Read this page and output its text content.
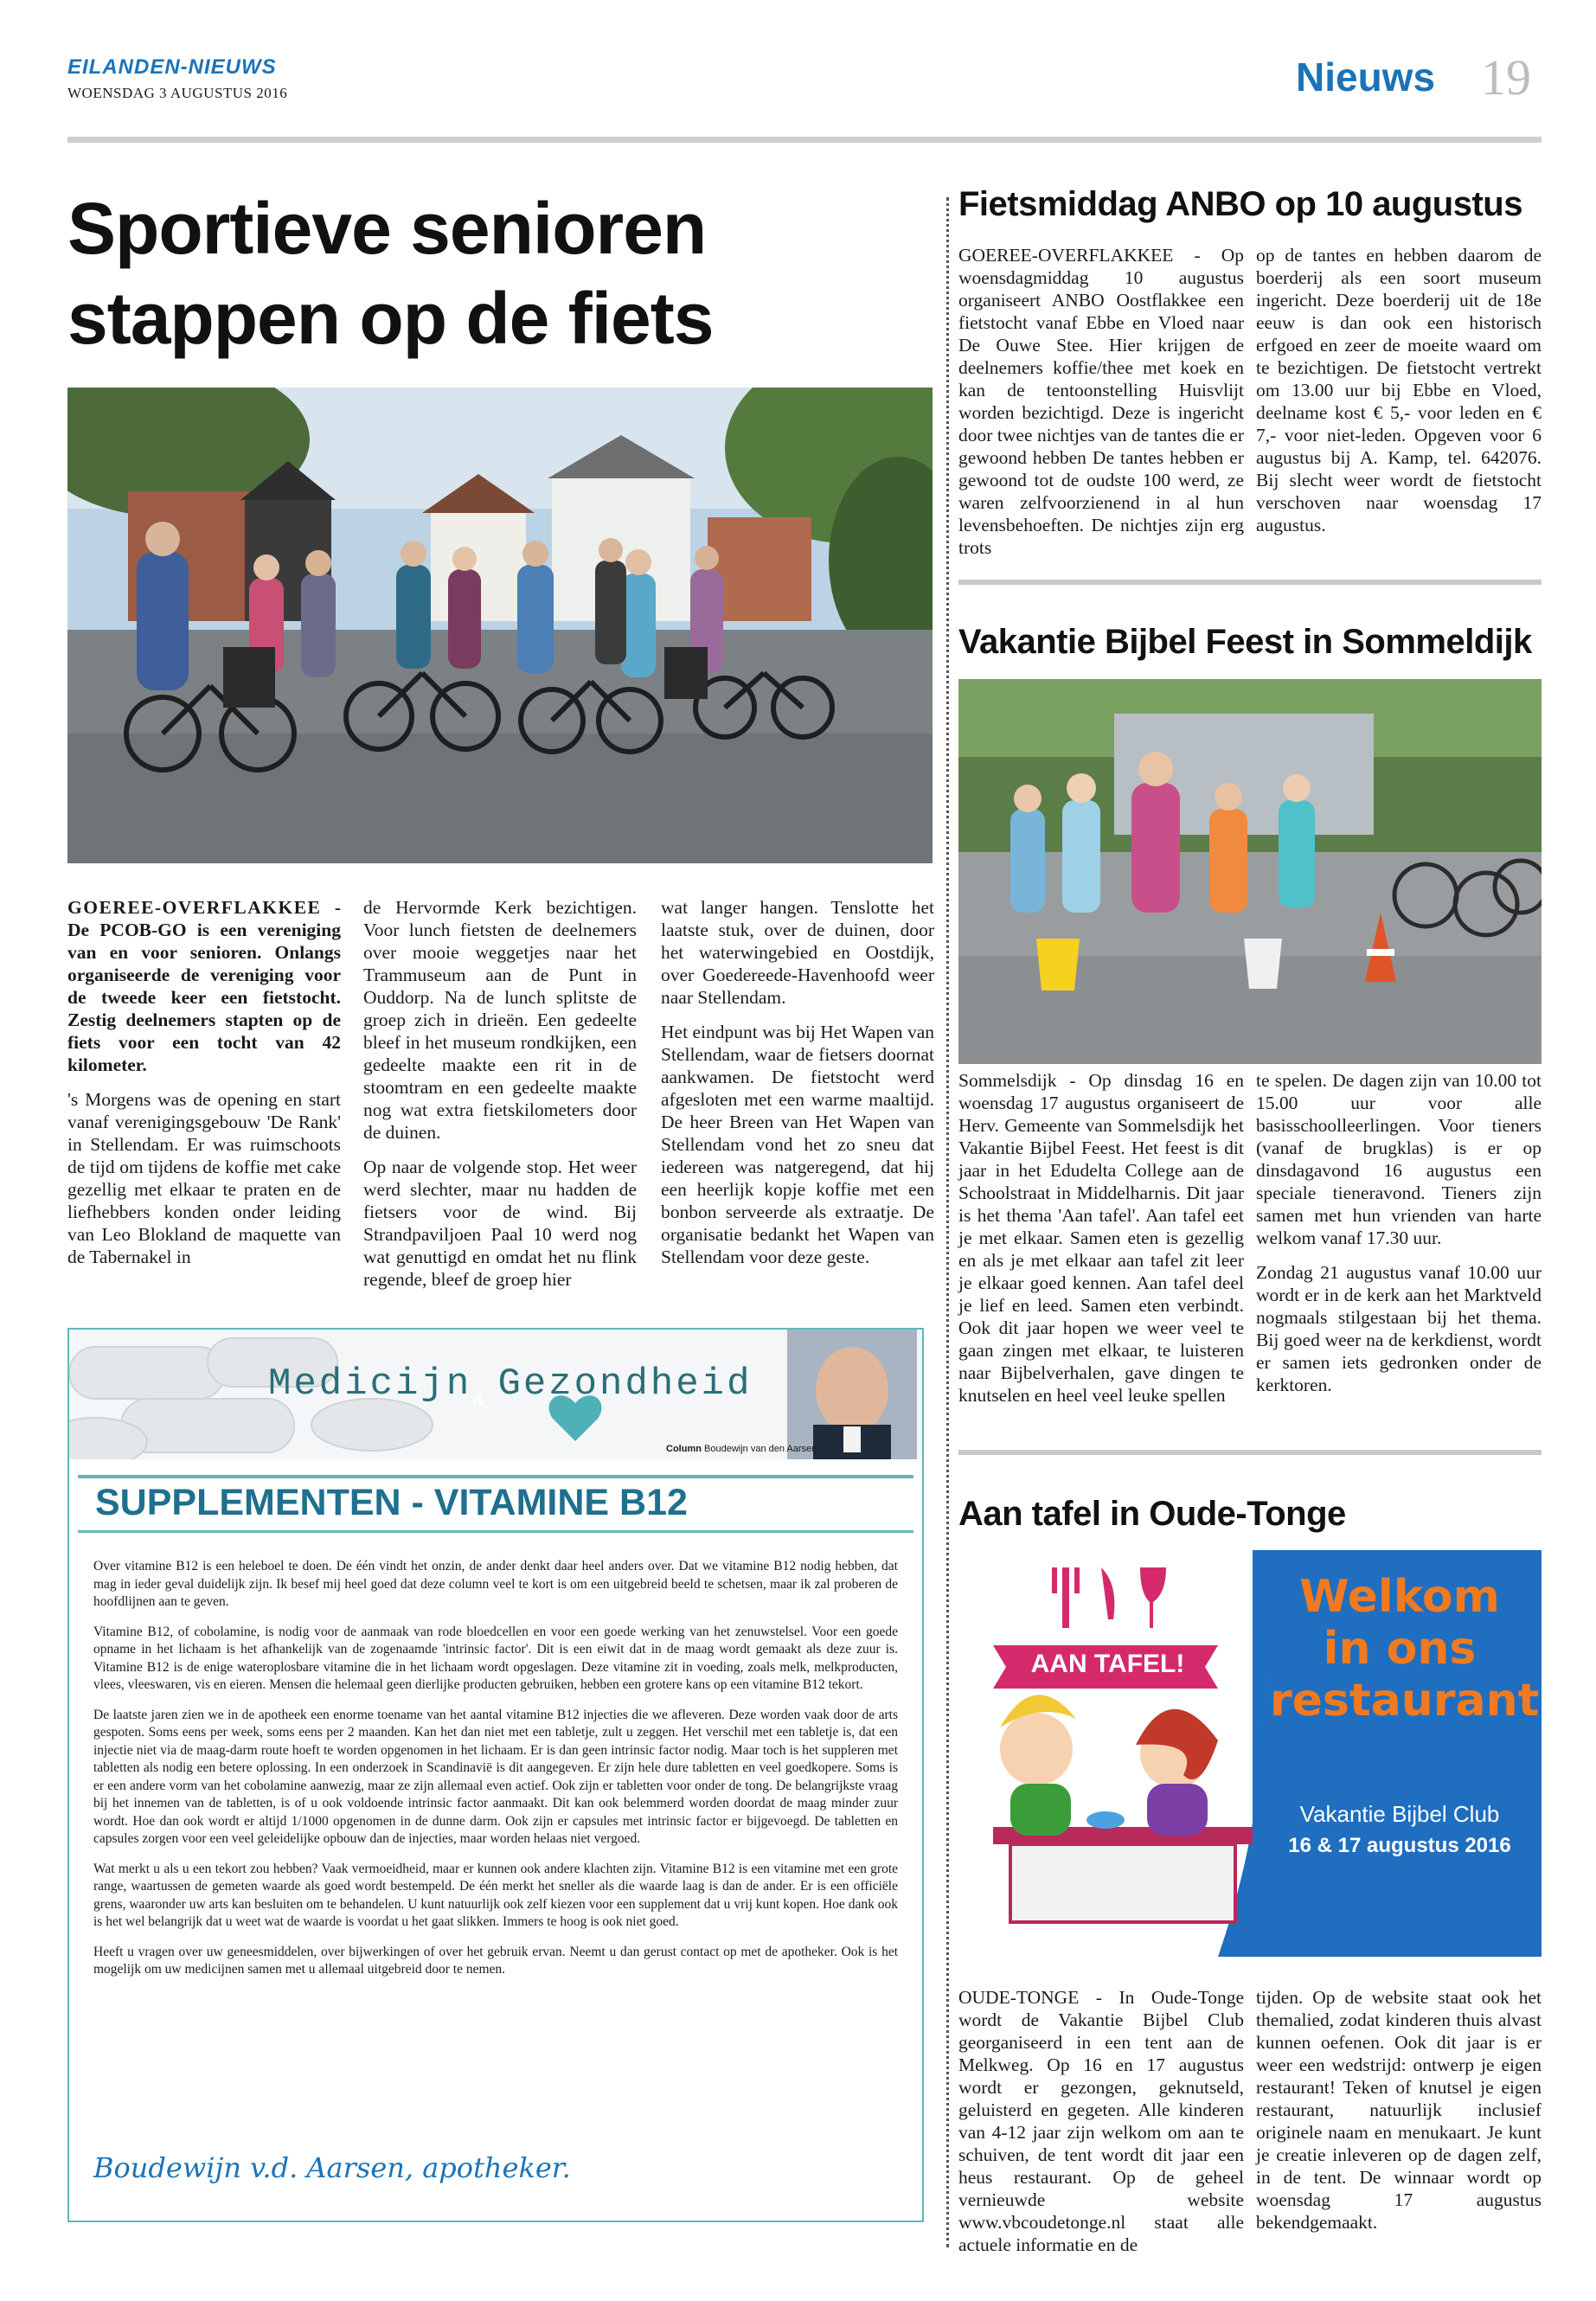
EILANDEN-NIEUWS
WOENSDAG 3 AUGUSTUS 2016	Nieuws 19
Sportieve senioren
stappen op de fiets

GOEREE-OVERFLAKKEE - De PCOB-GO is een vereniging van en voor senioren. Onlangs organiseerde de vereniging voor de tweede keer een fietstocht. Zestig deelnemers stapten op de fiets voor een tocht van 42 kilometer.

's Morgens was de opening en start vanaf verenigingsgebouw 'De Rank' in Stellendam. Er was ruimschoots de tijd om tijdens de koffie met cake gezellig met elkaar te praten en de liefhebbers konden onder leiding van Leo Blokland de maquette van de Tabernakel in

de Hervormde Kerk bezichtigen. Voor lunch fietsten de deelnemers over mooie weggetjes naar het Trammuseum aan de Punt in Ouddorp. Na de lunch splitste de groep zich in drieën. Een gedeelte bleef in het museum rondkijken, een gedeelte maakte een rit in de stoomtram en een gedeelte maakte nog wat extra fietskilometers door de duinen.

Op naar de volgende stop. Het weer werd slechter, maar nu hadden de fietsers voor de wind. Bij Strandpaviljoen Paal 10 werd nog wat genuttigd en omdat het nu flink regende, bleef de groep hier

wat langer hangen. Tenslotte het laatste stuk, over de duinen, door het waterwingebied en Oostdijk, over Goedereede-Havenhoofd weer naar Stellendam.

Het eindpunt was bij Het Wapen van Stellendam, waar de fietsers doornat aankwamen. De fietstocht werd afgesloten met een warme maaltijd. De heer Breen van Het Wapen van Stellendam vond het zo sneu dat iedereen was natgeregend, dat hij een heerlijk kopje koffie met een bonbon serveerde als extraatje. De organisatie bedankt het Wapen van Stellendam voor deze geste.

Medicijn$_{\&}$ Gezondheid
Column Boudewijn van den Aarsen
SUPPLEMENTEN - VITAMINE B12

Over vitamine B12 is een heleboel te doen. De één vindt het onzin, de ander denkt daar heel anders over. Dat we vitamine B12 nodig hebben, dat mag in ieder geval duidelijk zijn. Ik besef mij heel goed dat deze column veel te kort is om een uitgebreid beeld te schetsen, maar ik zal proberen de hoofdlijnen aan te geven.

Vitamine B12, of cobolamine, is nodig voor de aanmaak van rode bloedcellen en voor een goede werking van het zenuwstelsel. Voor een goede opname in het lichaam is het afhankelijk van de zogenaamde 'intrinsic factor'. Dit is een eiwit dat in de maag wordt gemaakt als deze zuur is. Vitamine B12 is de enige wateroplosbare vitamine die in het lichaam wordt opgeslagen. Deze vitamine zit in voeding, zoals melk, melkproducten, vlees, vleeswaren, vis en eieren. Mensen die helemaal geen dierlijke producten gebruiken, hebben een grotere kans op een vitamine B12 tekort.

De laatste jaren zien we in de apotheek een enorme toename van het aantal vitamine B12 injecties die we afleveren. Deze worden vaak door de arts gespoten. Soms eens per week, soms eens per 2 maanden. Kan het dan niet met een tabletje, zult u zeggen. Het verschil met een tabletje is, dat een injectie niet via de maag-darm route hoeft te worden opgenomen in het lichaam. Er is dan geen intrinsic factor nodig. Maar toch is het suppleren met tabletten als nodig een betere oplossing. In een onderzoek in Scandinavië is dit aangegeven. Er zijn hele dure tabletten en veel goedkopere. Soms is er een andere vorm van het cobolamine aanwezig, maar ze zijn allemaal even actief. Ook zijn er tabletten voor onder de tong. De belangrijkste vraag bij het innemen van de tabletten, is of u ook voldoende intrinsic factor aanmaakt. Dit kan ook belemmerd worden doordat de maag minder zuur wordt. Hoe dan ook wordt er altijd 1/1000 opgenomen in de dunne darm. Ook zijn er capsules met intrinsic factor er bijgevoegd. De tabletten en capsules zorgen voor een veel geleidelijke opbouw dan de injecties, maar worden helaas niet vergoed.

Wat merkt u als u een tekort zou hebben? Vaak vermoeidheid, maar er kunnen ook andere klachten zijn. Vitamine B12 is een vitamine met een grote range, waartussen de gemeten waarde als goed wordt bestempeld. De één merkt het sneller als die waarde laag is dan de ander. Er is een officiële grens, waaronder uw arts kan besluiten om te behandelen. U kunt natuurlijk ook zelf kiezen voor een supplement dat u vrij kunt kopen. Hoe dank ook is het wel belangrijk dat u weet wat de waarde is voordat u het gaat slikken. Immers te hoog is ook niet goed.

Heeft u vragen over uw geneesmiddelen, over bijwerkingen of over het gebruik ervan. Neemt u dan gerust contact op met de apotheker. Ook is het mogelijk om uw medicijnen samen met u allemaal uitgebreid door te nemen.

Boudewijn v.d. Aarsen, apotheker.
Fietsmiddag ANBO op 10 augustus

GOEREE-OVERFLAKKEE - Op woensdagmiddag 10 augustus organiseert ANBO Oostflakkee een fietstocht vanaf Ebbe en Vloed naar De Ouwe Stee. Hier krijgen de deelnemers koffie/thee met koek en kan de tentoonstelling Huisvlijt worden bezichtigd. Deze is ingericht door twee nichtjes van de tantes die er gewoond hebben De tantes hebben er gewoond tot de oudste 100 werd, ze waren zelfvoorzienend in al hun levensbehoeften. De nichtjes zijn erg trots

op de tantes en hebben daarom de boerderij als een soort museum ingericht. Deze boerderij uit de 18e eeuw is dan ook een historisch erfgoed en zeer de moeite waard om te bezichtigen. De fietstocht vertrekt om 13.00 uur bij Ebbe en Vloed, deelname kost € 5,- voor leden en € 7,- voor niet-leden. Opgeven voor 6 augustus bij A. Kamp, tel. 642076. Bij slecht weer wordt de fietstocht verschoven naar woensdag 17 augustus.

Vakantie Bijbel Feest in Sommeldijk

Sommelsdijk - Op dinsdag 16 en woensdag 17 augustus organiseert de Herv. Gemeente van Sommelsdijk het Vakantie Bijbel Feest. Het feest is dit jaar in het Edudelta College aan de Schoolstraat in Middelharnis. Dit jaar is het thema 'Aan tafel'. Aan tafel eet je met elkaar. Samen eten is gezellig en als je met elkaar aan tafel zit leer je elkaar goed kennen. Aan tafel deel je lief en leed. Samen eten verbindt. Ook dit jaar hopen we weer veel te gaan zingen met elkaar, te luisteren naar Bijbelverhalen, gave dingen te knutselen en heel veel leuke spellen

te spelen. De dagen zijn van 10.00 tot 15.00 uur voor alle basisschoolleerlingen. Voor tieners (vanaf de brugklas) is er op dinsdagavond 16 augustus een speciale tieneravond. Tieners zijn samen met hun vrienden van harte welkom vanaf 17.30 uur.

Zondag 21 augustus vanaf 10.00 uur wordt er in de kerk aan het Marktveld nogmaals stilgestaan bij het thema. Bij goed weer na de kerkdienst, wordt er samen iets gedronken onder de kerktoren.

Aan tafel in Oude-Tonge
AAN TAFEL!
Welkom
in ons
restaurant
Vakantie Bijbel Club
16 & 17 augustus 2016

OUDE-TONGE - In Oude-Tonge wordt de Vakantie Bijbel Club georganiseerd in een tent aan de Melkweg. Op 16 en 17 augustus wordt er gezongen, geknutseld, geluisterd en gegeten. Alle kinderen van 4-12 jaar zijn welkom om aan te schuiven, de tent wordt dit jaar een heus restaurant. Op de geheel vernieuwde website www.vbcoudetonge.nl staat alle actuele informatie en de

tijden. Op de website staat ook het themalied, zodat kinderen thuis alvast kunnen oefenen. Ook dit jaar is er weer een wedstrijd: ontwerp je eigen restaurant! Teken of knutsel je eigen restaurant, natuurlijk inclusief originele naam en menukaart. Je kunt je creatie inleveren op de dagen zelf, in de tent. De winnaar wordt op woensdag 17 augustus bekendgemaakt.
